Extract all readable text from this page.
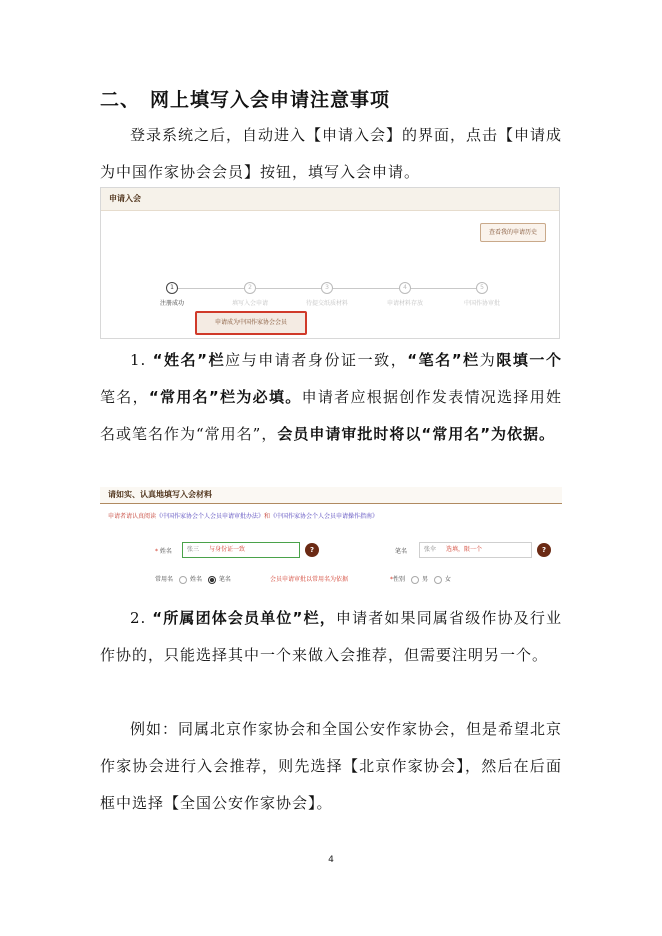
二、 网上填写入会申请注意事项
登录系统之后，自动进入【申请入会】的界面，点击【申请成为中国作家协会会员】按钮，填写入会申请。
申请入会
查看我的申请历史
1
注册成功
2
填写入会申请
3
待提交纸质材料
4
申请材料存放
5
中国作协审批
申请成为中国作家协会会员
1. “姓名”栏应与申请者身份证一致，“笔名”栏为限填一个笔名，“常用名”栏为必填。申请者应根据创作发表情况选择用姓名或笔名作为“常用名”，会员申请审批时将以“常用名”为依据。
请如实、认真地填写入会材料
申请者请认真阅读《中国作家协会个人会员申请审批办法》和《中国作家协会个人会员申请操作指南》
* 姓名	张三 与身份证一致	?	笔名	张伞 选填，限一个	?
常用名	姓名	笔名	会员申请审批以常用名为依据	*性别	男	女
2. “所属团体会员单位”栏，申请者如果同属省级作协及行业作协的，只能选择其中一个来做入会推荐，但需要注明另一个。
例如：同属北京作家协会和全国公安作家协会，但是希望北京作家协会进行入会推荐，则先选择【北京作家协会】，然后在后面框中选择【全国公安作家协会】。
4
